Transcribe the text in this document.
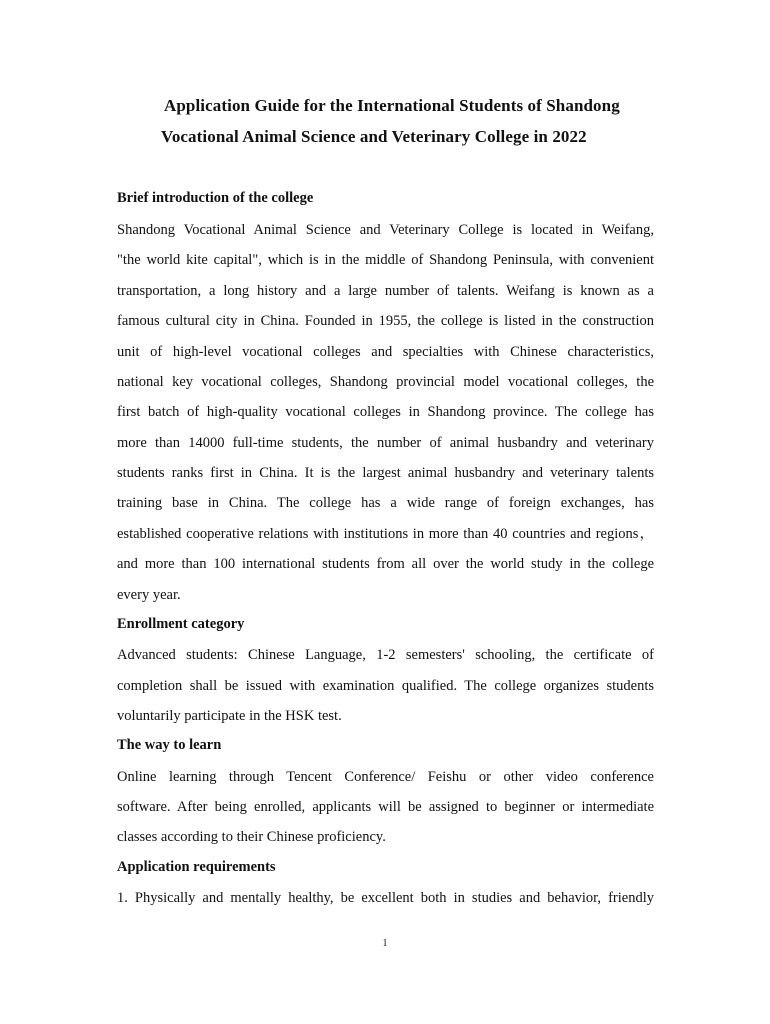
Application Guide for the International Students of Shandong
Vocational Animal Science and Veterinary College in 2022
Brief introduction of the college
Shandong Vocational Animal Science and Veterinary College is located in Weifang,
"the world kite capital", which is in the middle of Shandong Peninsula, with convenient
transportation, a long history and a large number of talents. Weifang is known as a
famous cultural city in China. Founded in 1955, the college is listed in the construction
unit of high-level vocational colleges and specialties with Chinese characteristics,
national key vocational colleges, Shandong provincial model vocational colleges, the
first batch of high-quality vocational colleges in Shandong province. The college has
more than 14000 full-time students, the number of animal husbandry and veterinary
students ranks first in China. It is the largest animal husbandry and veterinary talents
training base in China. The college has a wide range of foreign exchanges, has
established cooperative relations with institutions in more than 40 countries and regions，
and more than 100 international students from all over the world study in the college
every year.
Enrollment category
Advanced students: Chinese Language, 1-2 semesters' schooling, the certificate of
completion shall be issued with examination qualified. The college organizes students
voluntarily participate in the HSK test.
The way to learn
Online learning through Tencent Conference/ Feishu or other video conference
software. After being enrolled, applicants will be assigned to beginner or intermediate
classes according to their Chinese proficiency.
Application requirements
1. Physically and mentally healthy, be excellent both in studies and behavior, friendly
1
